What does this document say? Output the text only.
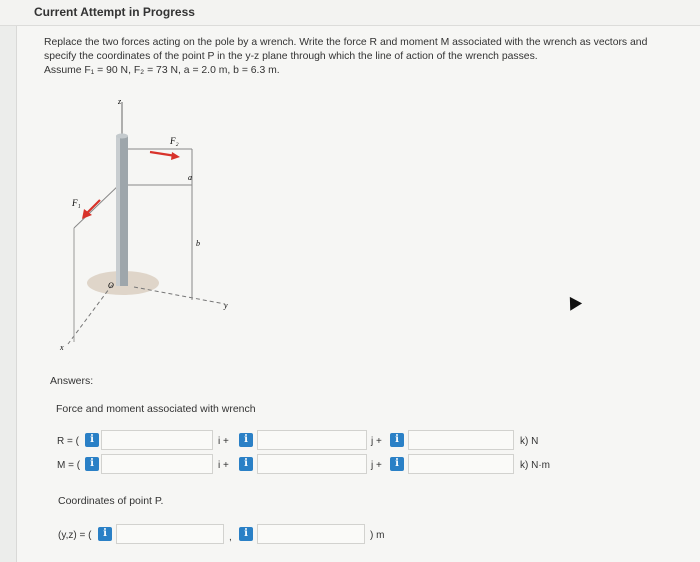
Current Attempt in Progress

Replace the two forces acting on the pole by a wrench. Write the force R and moment M associated with the wrench as vectors and

specify the coordinates of the point P in the y-z plane through which the line of action of the wrench passes.

Assume F₁ = 90 N, F₂ = 73 N, a = 2.0 m, b = 6.3 m.

z
F₂
F₁
a
b
O
x
y
Answers:
Force and moment associated with wrench
R = (	i	i +	i	j +	i	k) N
M = (	i	i +	i	j +	i	k) N·m
Coordinates of point P.
(y,z) = (	i	,	i	) m
